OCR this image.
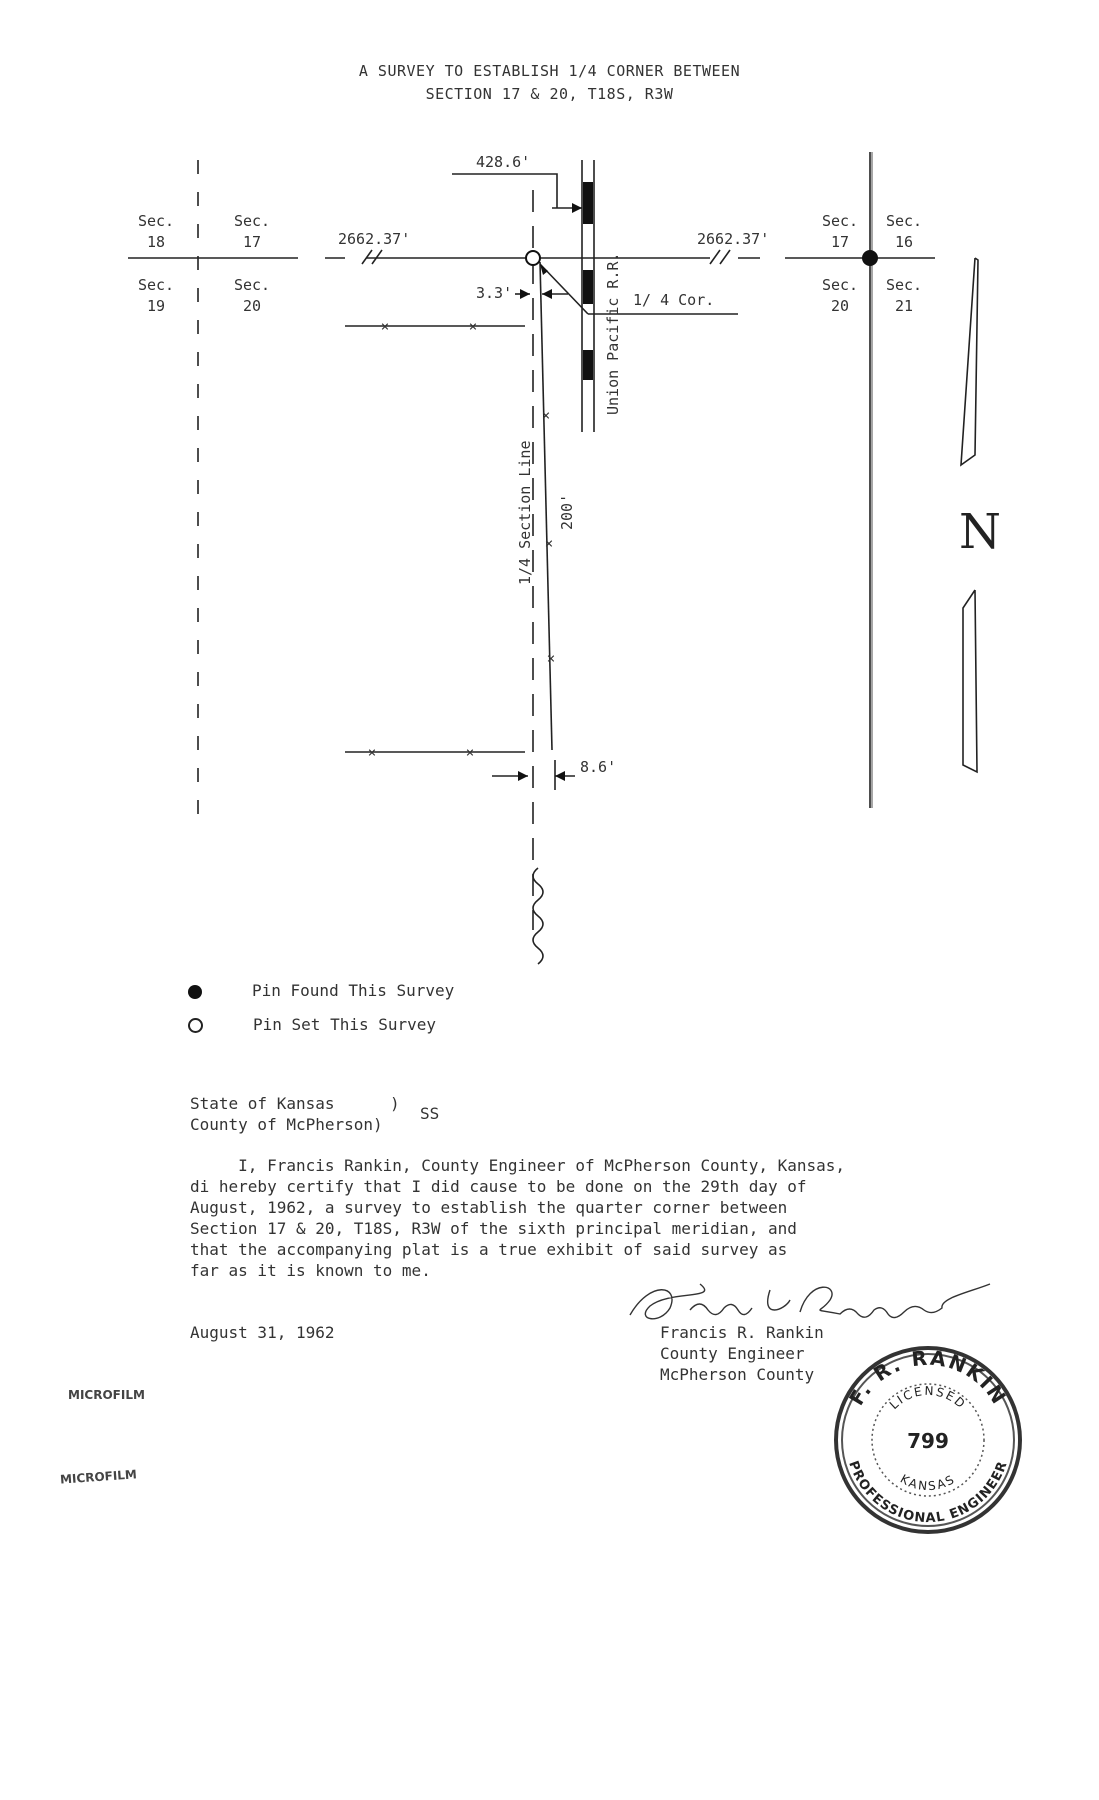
A SURVEY TO ESTABLISH 1/4 CORNER BETWEEN
SECTION 17 & 20, T18S, R3W
×	×
×
×
×
×	×
Sec.
18
Sec.
17
Sec.
19
Sec.
20
Sec.
17
Sec.
16
Sec.
20
Sec.
21
428.6'
2662.37'	2662.37'
3.3'	1/ 4 Cor.
8.6'
1/4 Section Line 200'
Union Pacific R.R.
N
Pin Found This Survey
Pin Set This Survey
State of Kansas	)
County of McPherson)
SS
I, Francis Rankin, County Engineer of McPherson County, Kansas,
di hereby certify that I did cause to be done on the 29th day of
August, 1962, a survey to establish the quarter corner between
Section 17 & 20, T18S, R3W of the sixth principal meridian, and
that the accompanying plat is a true exhibit of said survey as
far as it is known to me.
August 31, 1962	Francis R. Rankin
County Engineer
McPherson County
F. R. RANKIN
PROFESSIONAL ENGINEER
LICENSED
KANSAS
799
MICROFILM
MICROFILM
